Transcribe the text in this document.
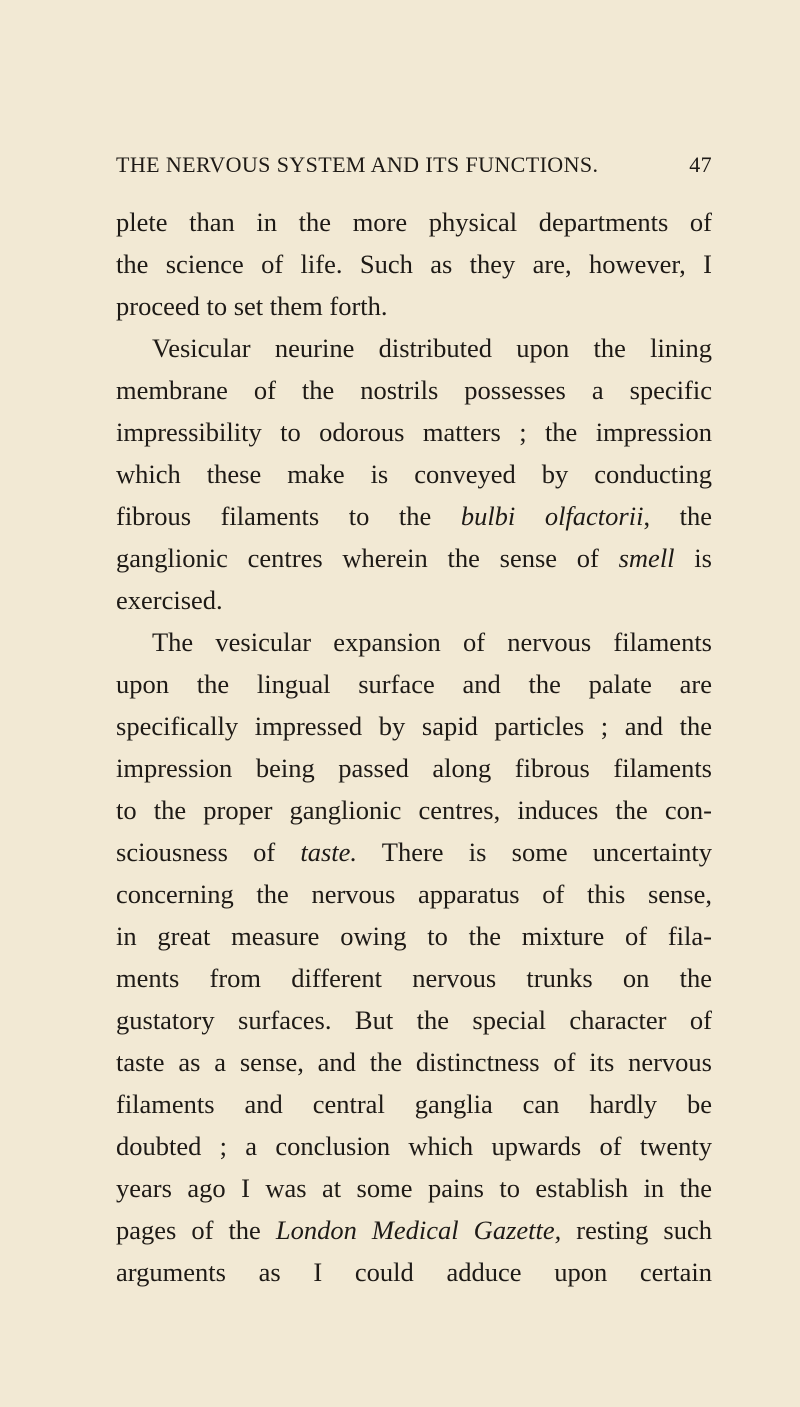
THE NERVOUS SYSTEM AND ITS FUNCTIONS.	47
plete than in the more physical departments of
the science of life. Such as they are, however, I
proceed to set them forth.
Vesicular neurine distributed upon the lining
membrane of the nostrils possesses a specific
impressibility to odorous matters ; the impression
which these make is conveyed by conducting
fibrous filaments to the bulbi olfactorii, the
ganglionic centres wherein the sense of smell is
exercised.
The vesicular expansion of nervous filaments
upon the lingual surface and the palate are
specifically impressed by sapid particles ; and the
impression being passed along fibrous filaments
to the proper ganglionic centres, induces the con-
sciousness of taste. There is some uncertainty
concerning the nervous apparatus of this sense,
in great measure owing to the mixture of fila-
ments from different nervous trunks on the
gustatory surfaces. But the special character of
taste as a sense, and the distinctness of its nervous
filaments and central ganglia can hardly be
doubted ; a conclusion which upwards of twenty
years ago I was at some pains to establish in the
pages of the London Medical Gazette, resting such
arguments as I could adduce upon certain
